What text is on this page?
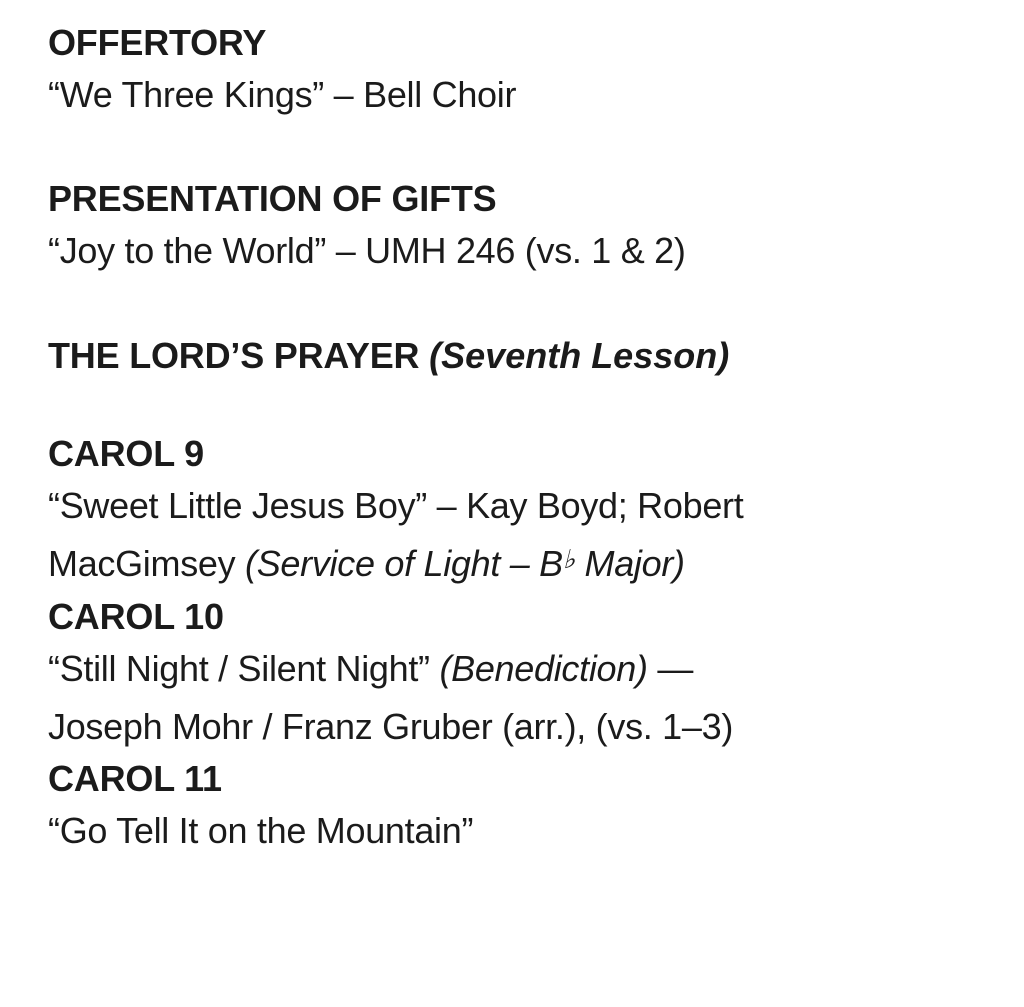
OFFERTORY
“We Three Kings” – Bell Choir
PRESENTATION OF GIFTS
“Joy to the World” – UMH 246 (vs. 1 & 2)
THE LORD’S PRAYER (Seventh Lesson)
CAROL 9
“Sweet Little Jesus Boy” – Kay Boyd; Robert
MacGimsey (Service of Light – B♭ Major)
CAROL 10
“Still Night / Silent Night” (Benediction) —
Joseph Mohr / Franz Gruber (arr.), (vs. 1–3)
CAROL 11
“Go Tell It on the Mountain”
